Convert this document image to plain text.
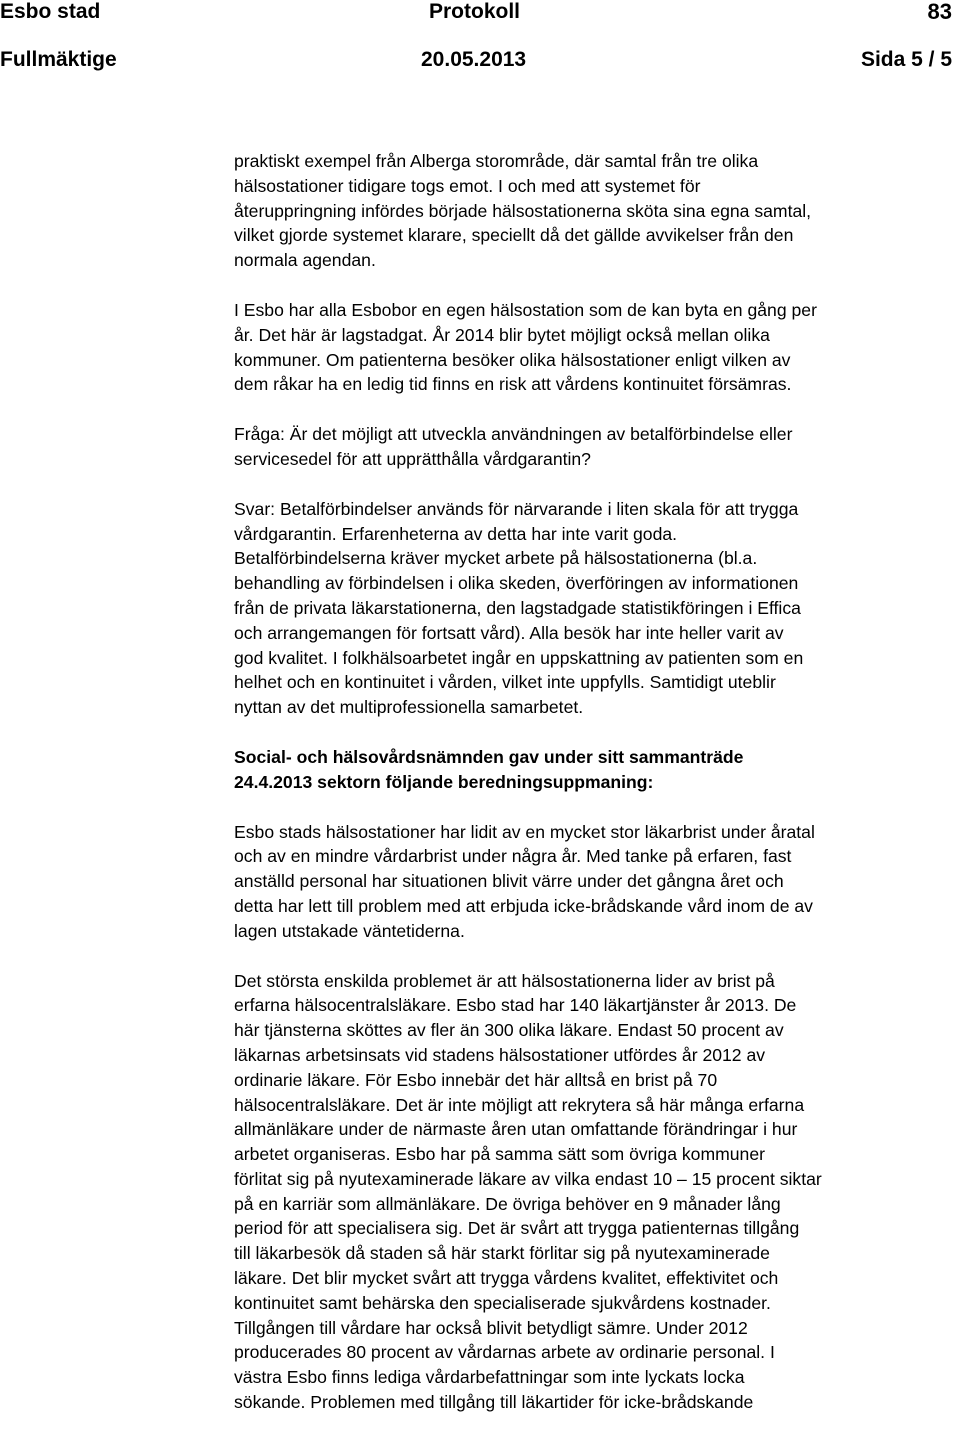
Esbo stad	Protokoll	83
Fullmäktige	20.05.2013	Sida 5 / 5

praktiskt exempel från Alberga storområde, där samtal från tre olika
hälsostationer tidigare togs emot. I och med att systemet för
återuppringning infördes började hälsostationerna sköta sina egna samtal,
vilket gjorde systemet klarare, speciellt då det gällde avvikelser från den
normala agendan.

I Esbo har alla Esbobor en egen hälsostation som de kan byta en gång per
år. Det här är lagstadgat. År 2014 blir bytet möjligt också mellan olika
kommuner. Om patienterna besöker olika hälsostationer enligt vilken av
dem råkar ha en ledig tid finns en risk att vårdens kontinuitet försämras.

Fråga: Är det möjligt att utveckla användningen av betalförbindelse eller
servicesedel för att upprätthålla vårdgarantin?

Svar: Betalförbindelser används för närvarande i liten skala för att trygga
vårdgarantin. Erfarenheterna av detta har inte varit goda.
Betalförbindelserna kräver mycket arbete på hälsostationerna (bl.a.
behandling av förbindelsen i olika skeden, överföringen av informationen
från de privata läkarstationerna, den lagstadgade statistikföringen i Effica
och arrangemangen för fortsatt vård). Alla besök har inte heller varit av
god kvalitet. I folkhälsoarbetet ingår en uppskattning av patienten som en
helhet och en kontinuitet i vården, vilket inte uppfylls. Samtidigt uteblir
nyttan av det multiprofessionella samarbetet.

Social- och hälsovårdsnämnden gav under sitt sammanträde
24.4.2013 sektorn följande beredningsuppmaning:

Esbo stads hälsostationer har lidit av en mycket stor läkarbrist under åratal
och av en mindre vårdarbrist under några år. Med tanke på erfaren, fast
anställd personal har situationen blivit värre under det gångna året och
detta har lett till problem med att erbjuda icke-brådskande vård inom de av
lagen utstakade väntetiderna.

Det största enskilda problemet är att hälsostationerna lider av brist på
erfarna hälsocentralsläkare. Esbo stad har 140 läkartjänster år 2013. De
här tjänsterna sköttes av fler än 300 olika läkare. Endast 50 procent av
läkarnas arbetsinsats vid stadens hälsostationer utfördes år 2012 av
ordinarie läkare. För Esbo innebär det här alltså en brist på 70
hälsocentralsläkare. Det är inte möjligt att rekrytera så här många erfarna
allmänläkare under de närmaste åren utan omfattande förändringar i hur
arbetet organiseras. Esbo har på samma sätt som övriga kommuner
förlitat sig på nyutexaminerade läkare av vilka endast 10 – 15 procent siktar
på en karriär som allmänläkare. De övriga behöver en 9 månader lång
period för att specialisera sig. Det är svårt att trygga patienternas tillgång
till läkarbesök då staden så här starkt förlitar sig på nyutexaminerade
läkare. Det blir mycket svårt att trygga vårdens kvalitet, effektivitet och
kontinuitet samt behärska den specialiserade sjukvårdens kostnader.
Tillgången till vårdare har också blivit betydligt sämre. Under 2012
producerades 80 procent av vårdarnas arbete av ordinarie personal. I
västra Esbo finns lediga vårdarbefattningar som inte lyckats locka
sökande. Problemen med tillgång till läkartider för icke-brådskande
